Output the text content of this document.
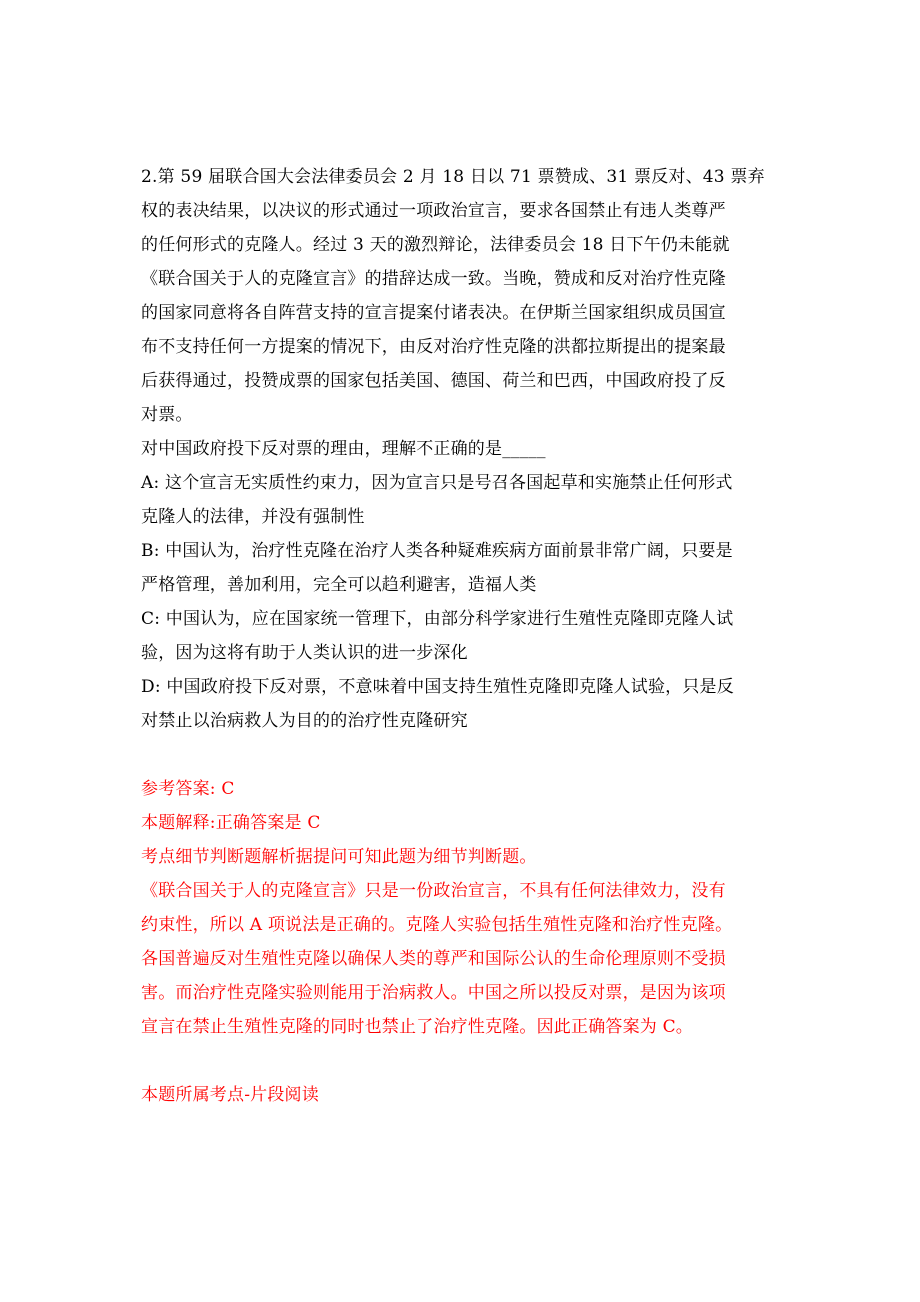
2.第 59 届联合国大会法律委员会 2 月 18 日以 71 票赞成、31 票反对、43 票弃
权的表决结果，以决议的形式通过一项政治宣言，要求各国禁止有违人类尊严
的任何形式的克隆人。经过 3 天的激烈辩论，法律委员会 18 日下午仍未能就
《联合国关于人的克隆宣言》的措辞达成一致。当晚，赞成和反对治疗性克隆
的国家同意将各自阵营支持的宣言提案付诸表决。在伊斯兰国家组织成员国宣
布不支持任何一方提案的情况下，由反对治疗性克隆的洪都拉斯提出的提案最
后获得通过，投赞成票的国家包括美国、德国、荷兰和巴西，中国政府投了反
对票。
对中国政府投下反对票的理由，理解不正确的是_____
A: 这个宣言无实质性约束力，因为宣言只是号召各国起草和实施禁止任何形式
克隆人的法律，并没有强制性
B: 中国认为，治疗性克隆在治疗人类各种疑难疾病方面前景非常广阔，只要是
严格管理，善加利用，完全可以趋利避害，造福人类
C: 中国认为，应在国家统一管理下，由部分科学家进行生殖性克隆即克隆人试
验，因为这将有助于人类认识的进一步深化
D: 中国政府投下反对票，不意味着中国支持生殖性克隆即克隆人试验，只是反
对禁止以治病救人为目的的治疗性克隆研究
参考答案: C
本题解释:正确答案是 C
考点细节判断题解析据提问可知此题为细节判断题。
《联合国关于人的克隆宣言》只是一份政治宣言，不具有任何法律效力，没有
约束性，所以 A 项说法是正确的。克隆人实验包括生殖性克隆和治疗性克隆。
各国普遍反对生殖性克隆以确保人类的尊严和国际公认的生命伦理原则不受损
害。而治疗性克隆实验则能用于治病救人。中国之所以投反对票，是因为该项
宣言在禁止生殖性克隆的同时也禁止了治疗性克隆。因此正确答案为 C。
本题所属考点-片段阅读
